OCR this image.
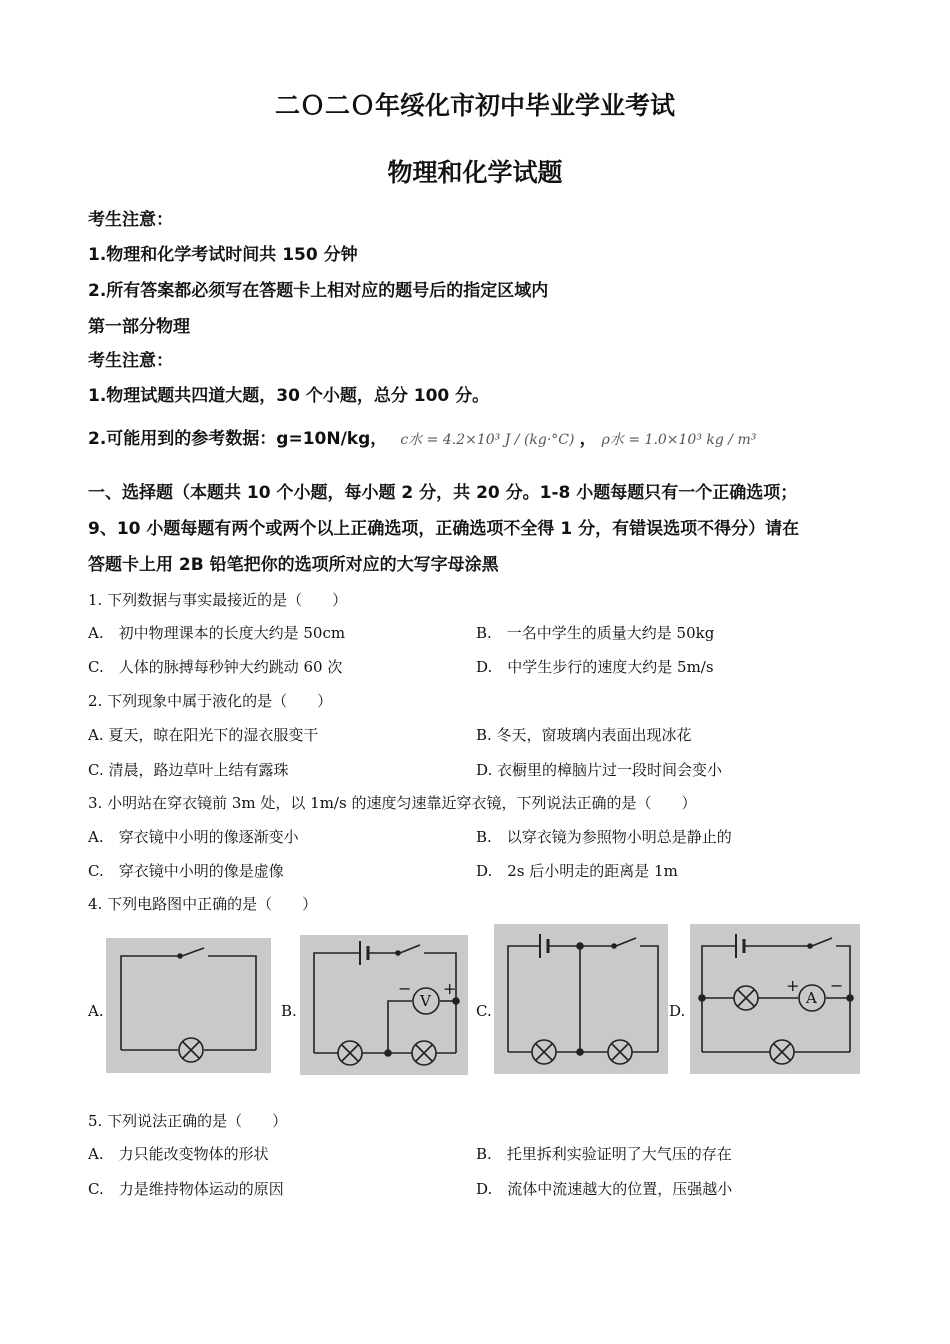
二Ｏ二Ｏ年绥化市初中毕业学业考试
物理和化学试题
考生注意：
1.物理和化学考试时间共 150 分钟
2.所有答案都必须写在答题卡上相对应的题号后的指定区域内
第一部分物理
考生注意：
1.物理试题共四道大题，30 个小题，总分 100 分。
2.可能用到的参考数据：g=10N/kg， c水 = 4.2×10³ J / (kg·°C) ， ρ水 = 1.0×10³ kg / m³
一、选择题（本题共 10 个小题，每小题 2 分，共 20 分。1-8 小题每题只有一个正确选项；
9、10 小题每题有两个或两个以上正确选项，正确选项不全得 1 分，有错误选项不得分）请在
答题卡上用 2B 铅笔把你的选项所对应的大写字母涂黑
1. 下列数据与事实最接近的是（　　）
A.　初中物理课本的长度大约是 50cm	B.　一名中学生的质量大约是 50kg
C.　人体的脉搏每秒钟大约跳动 60 次	D.　中学生步行的速度大约是 5m/s
2. 下列现象中属于液化的是（　　）
A. 夏天，晾在阳光下的湿衣服变干	B. 冬天，窗玻璃内表面出现冰花
C. 清晨，路边草叶上结有露珠	D. 衣橱里的樟脑片过一段时间会变小
3. 小明站在穿衣镜前 3m 处，以 1m/s 的速度匀速靠近穿衣镜，下列说法正确的是（　　）
A.　穿衣镜中小明的像逐渐变小	B.　以穿衣镜为参照物小明总是静止的
C.　穿衣镜中小明的像是虚像	D.　2s 后小明走的距离是 1m
4. 下列电路图中正确的是（　　）
A.	B.
V
− +
C.	D.
A
+ −
5. 下列说法正确的是（　　）
A.　力只能改变物体的形状	B.　托里拆利实验证明了大气压的存在
C.　力是维持物体运动的原因	D.　流体中流速越大的位置，压强越小
